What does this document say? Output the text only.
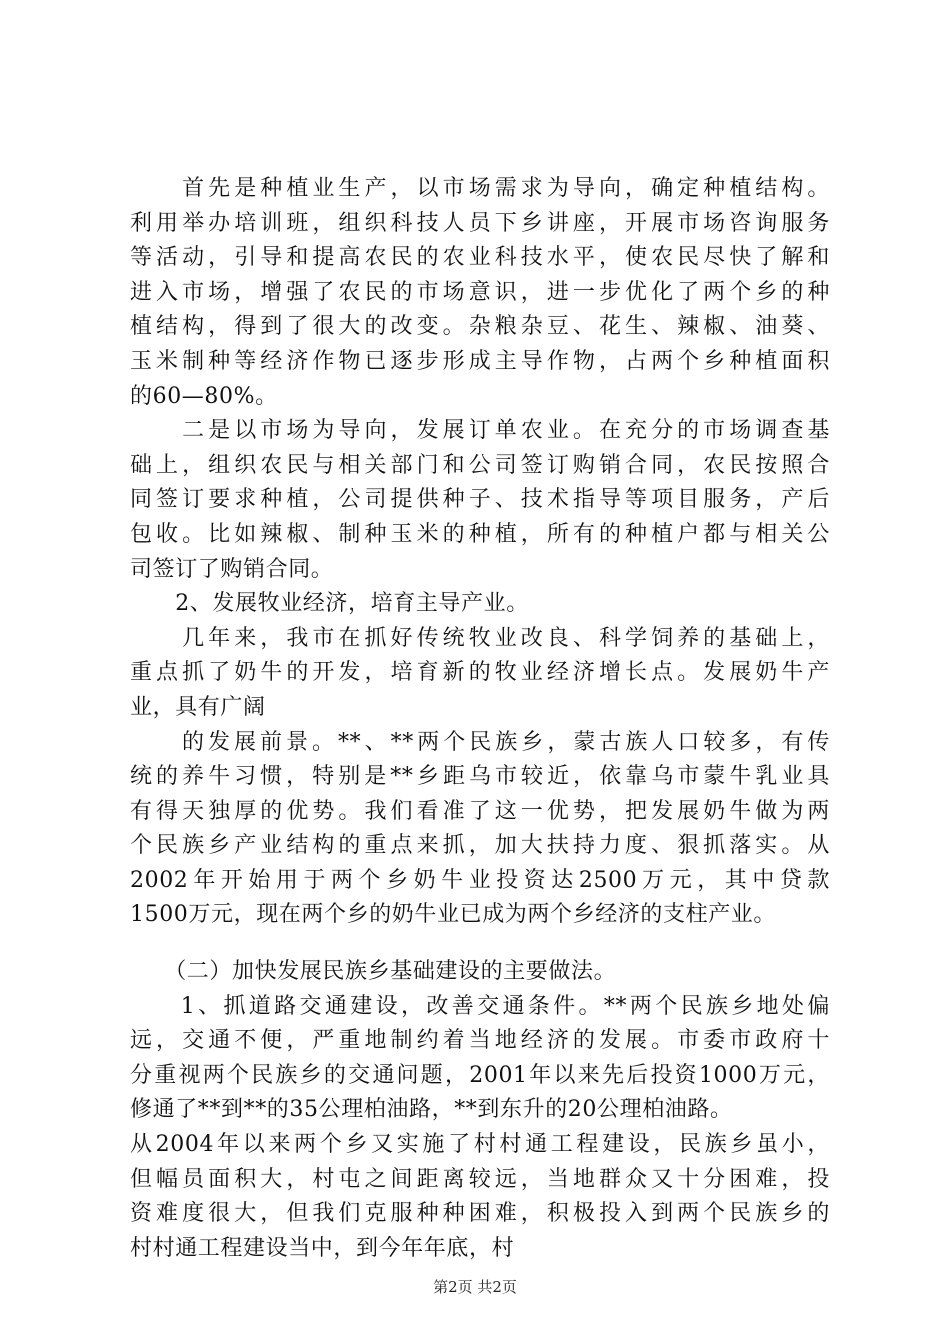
　　首先是种植业生产，以市场需求为导向，确定种植结构。
利用举办培训班，组织科技人员下乡讲座，开展市场咨询服务
等活动，引导和提高农民的农业科技水平，使农民尽快了解和
进入市场，增强了农民的市场意识，进一步优化了两个乡的种
植结构，得到了很大的改变。杂粮杂豆、花生、辣椒、油葵、
玉米制种等经济作物已逐步形成主导作物，占两个乡种植面积
的60—80%。
　　二是以市场为导向，发展订单农业。在充分的市场调查基
础上，组织农民与相关部门和公司签订购销合同，农民按照合
同签订要求种植，公司提供种子、技术指导等项目服务，产后
包收。比如辣椒、制种玉米的种植，所有的种植户都与相关公
司签订了购销合同。
　　2、发展牧业经济，培育主导产业。
　　几年来，我市在抓好传统牧业改良、科学饲养的基础上，
重点抓了奶牛的开发，培育新的牧业经济增长点。发展奶牛产
业，具有广阔
　　的发展前景。**、**两个民族乡，蒙古族人口较多，有传
统的养牛习惯，特别是**乡距乌市较近，依靠乌市蒙牛乳业具
有得天独厚的优势。我们看准了这一优势，把发展奶牛做为两
个民族乡产业结构的重点来抓，加大扶持力度、狠抓落实。从
2002年开始用于两个乡奶牛业投资达2500万元，其中贷款
1500万元，现在两个乡的奶牛业已成为两个乡经济的支柱产业。
　　（二）加快发展民族乡基础建设的主要做法。
　　1、抓道路交通建设，改善交通条件。**两个民族乡地处偏
远，交通不便，严重地制约着当地经济的发展。市委市政府十
分重视两个民族乡的交通问题，2001年以来先后投资1000万元，
修通了**到**的35公理柏油路，**到东升的20公理柏油路。
从2004年以来两个乡又实施了村村通工程建设，民族乡虽小，
但幅员面积大，村屯之间距离较远，当地群众又十分困难，投
资难度很大，但我们克服种种困难，积极投入到两个民族乡的
村村通工程建设当中，到今年年底，村
第2页 共2页
